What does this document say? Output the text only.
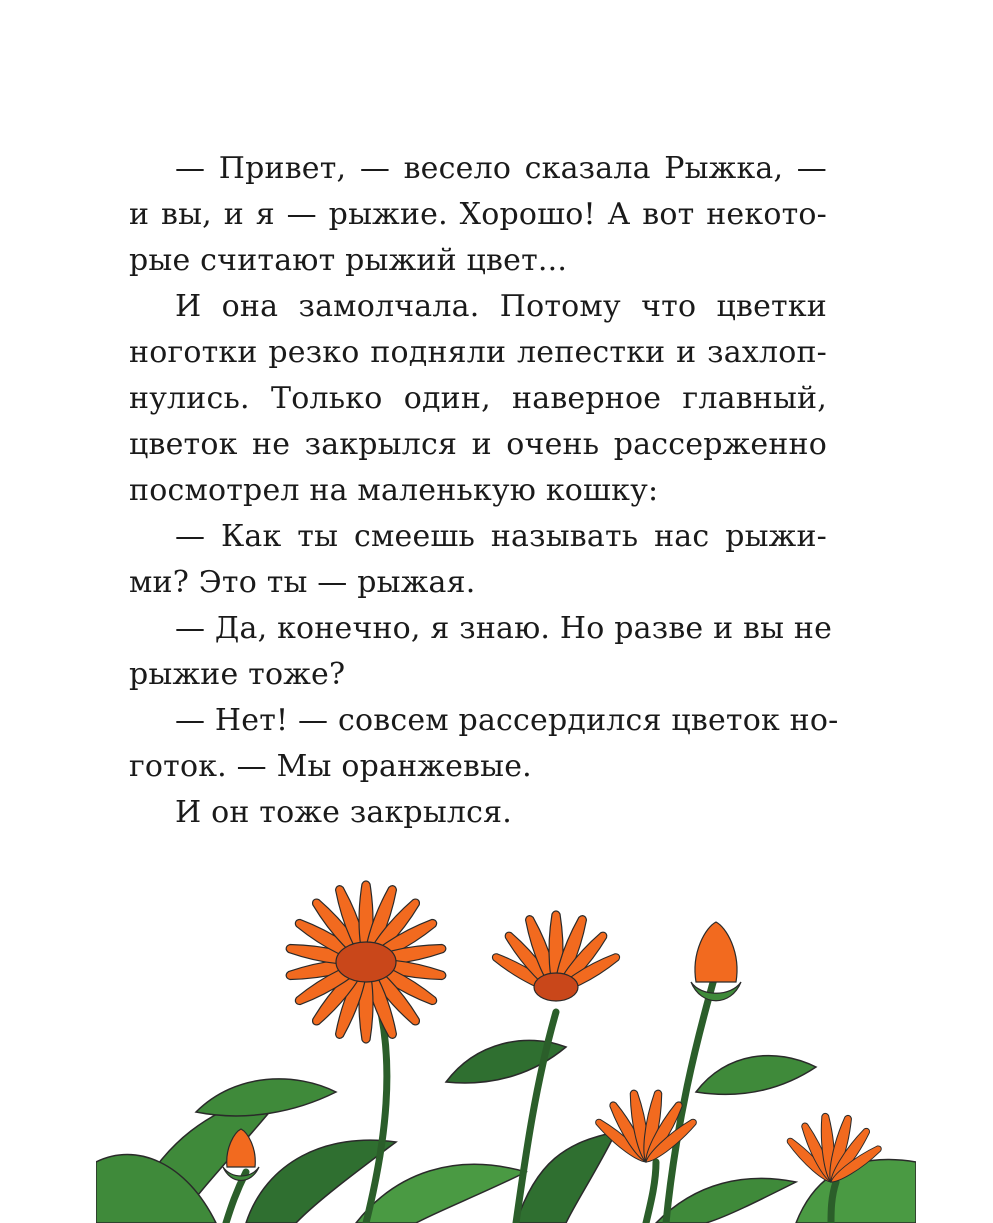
— Привет, — весело сказала Рыжка, —
и вы, и я — рыжие. Хорошо! А вот некото-
рые считают рыжий цвет...
И она замолчала. Потому что цветки
ноготки резко подняли лепестки и захлоп-
нулись. Только один, наверное главный,
цветок не закрылся и очень рассерженно
посмотрел на маленькую кошку:
— Как ты смеешь называть нас рыжи-
ми? Это ты — рыжая.
— Да, конечно, я знаю. Но разве и вы не
рыжие тоже?
— Нет! — совсем рассердился цветок но-
готок. — Мы оранжевые.
И он тоже закрылся.
